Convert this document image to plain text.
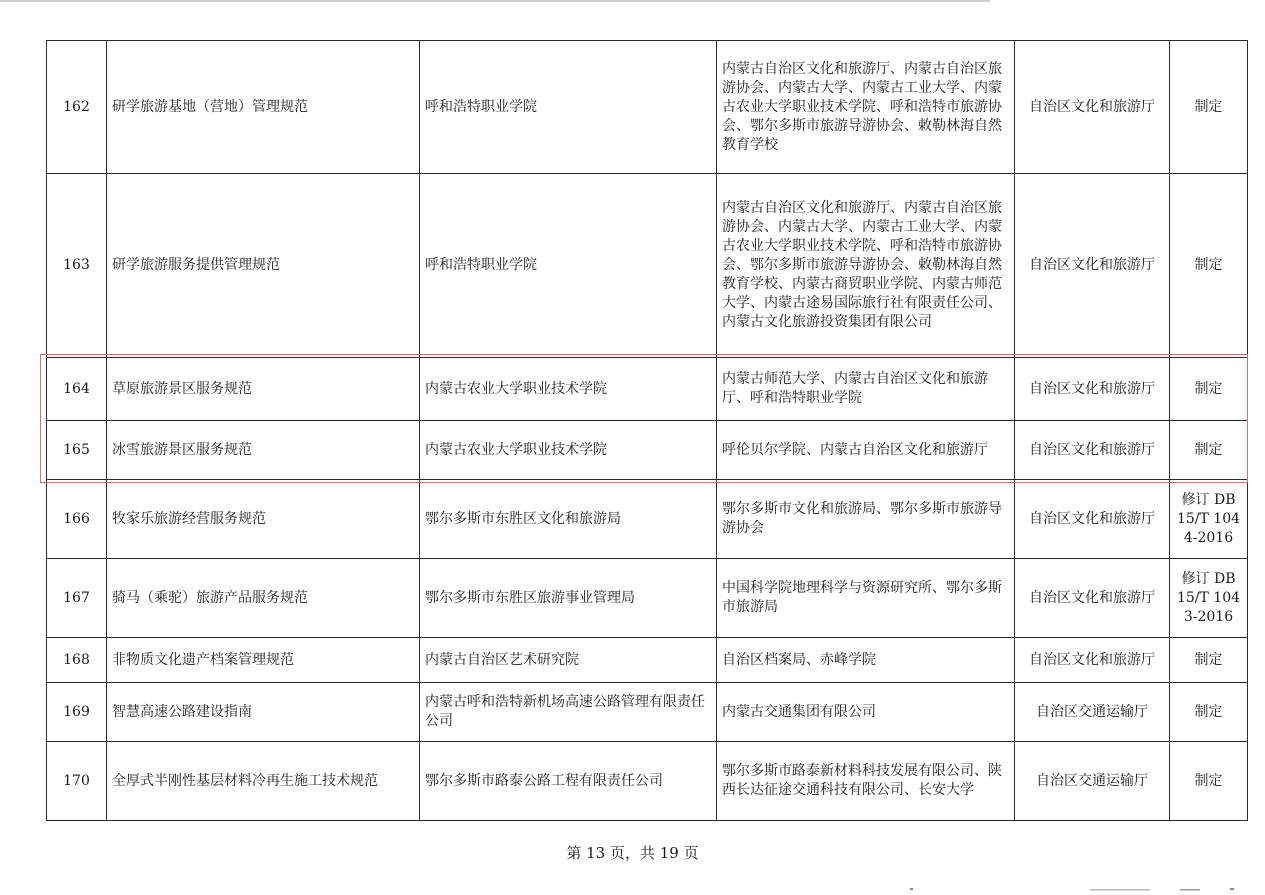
162	研学旅游基地（营地）管理规范	呼和浩特职业学院	内蒙古自治区文化和旅游厅、内蒙古自治区旅游协会、内蒙古大学、内蒙古工业大学、内蒙古农业大学职业技术学院、呼和浩特市旅游协会、鄂尔多斯市旅游导游协会、敕勒林海自然教育学校	自治区文化和旅游厅	制定
163	研学旅游服务提供管理规范	呼和浩特职业学院	内蒙古自治区文化和旅游厅、内蒙古自治区旅游协会、内蒙古大学、内蒙古工业大学、内蒙古农业大学职业技术学院、呼和浩特市旅游协会、鄂尔多斯市旅游导游协会、敕勒林海自然教育学校、内蒙古商贸职业学院、内蒙古师范大学、内蒙古途易国际旅行社有限责任公司、内蒙古文化旅游投资集团有限公司	自治区文化和旅游厅	制定
164	草原旅游景区服务规范	内蒙古农业大学职业技术学院	内蒙古师范大学、内蒙古自治区文化和旅游厅、呼和浩特职业学院	自治区文化和旅游厅	制定
165	冰雪旅游景区服务规范	内蒙古农业大学职业技术学院	呼伦贝尔学院、内蒙古自治区文化和旅游厅	自治区文化和旅游厅	制定
166	牧家乐旅游经营服务规范	鄂尔多斯市东胜区文化和旅游局	鄂尔多斯市文化和旅游局、鄂尔多斯市旅游导游协会	自治区文化和旅游厅	修订 DB 15/T 1044-2016
167	骑马（乘驼）旅游产品服务规范	鄂尔多斯市东胜区旅游事业管理局	中国科学院地理科学与资源研究所、鄂尔多斯市旅游局	自治区文化和旅游厅	修订 DB 15/T 1043-2016
168	非物质文化遗产档案管理规范	内蒙古自治区艺术研究院	自治区档案局、赤峰学院	自治区文化和旅游厅	制定
169	智慧高速公路建设指南	内蒙古呼和浩特新机场高速公路管理有限责任公司	内蒙古交通集团有限公司	自治区交通运输厅	制定
170	全厚式半刚性基层材料冷再生施工技术规范	鄂尔多斯市路泰公路工程有限责任公司	鄂尔多斯市路泰新材料科技发展有限公司、陕西长达征途交通科技有限公司、长安大学	自治区交通运输厅	制定
第 13 页，共 19 页
